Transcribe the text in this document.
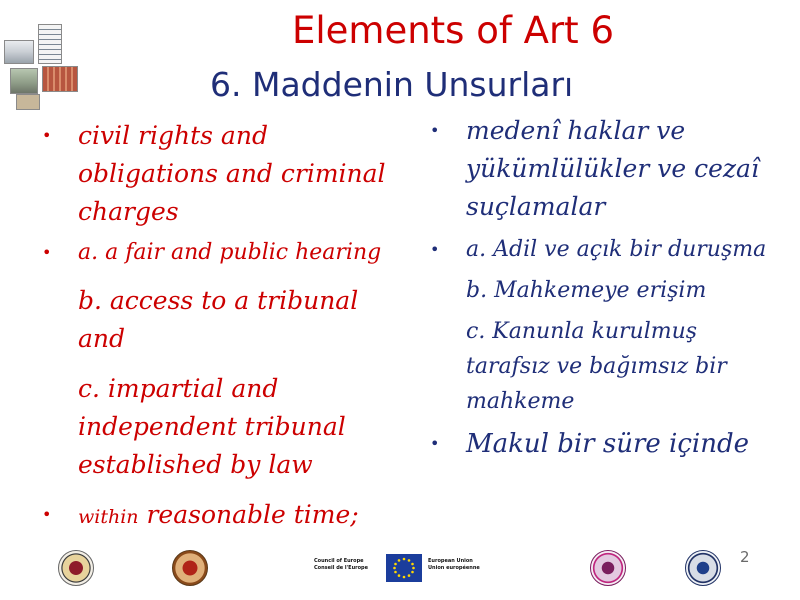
Elements of Art 6
6. Maddenin Unsurları
• civil rights and obligations and criminal charges
• a. a fair and public hearing
b. access to a tribunal and
c. impartial and independent tribunal established by law
• within reasonable time;
• medenî haklar ve yükümlülükler ve cezaî suçlamalar
• a. Adil ve açık bir duruşma
b. Mahkemeye erişim
c. Kanunla kurulmuş tarafsız ve bağımsız bir mahkeme
• Makul bir süre içinde
Council of Europe
Conseil de l'Europe
European Union
Union européenne
2
